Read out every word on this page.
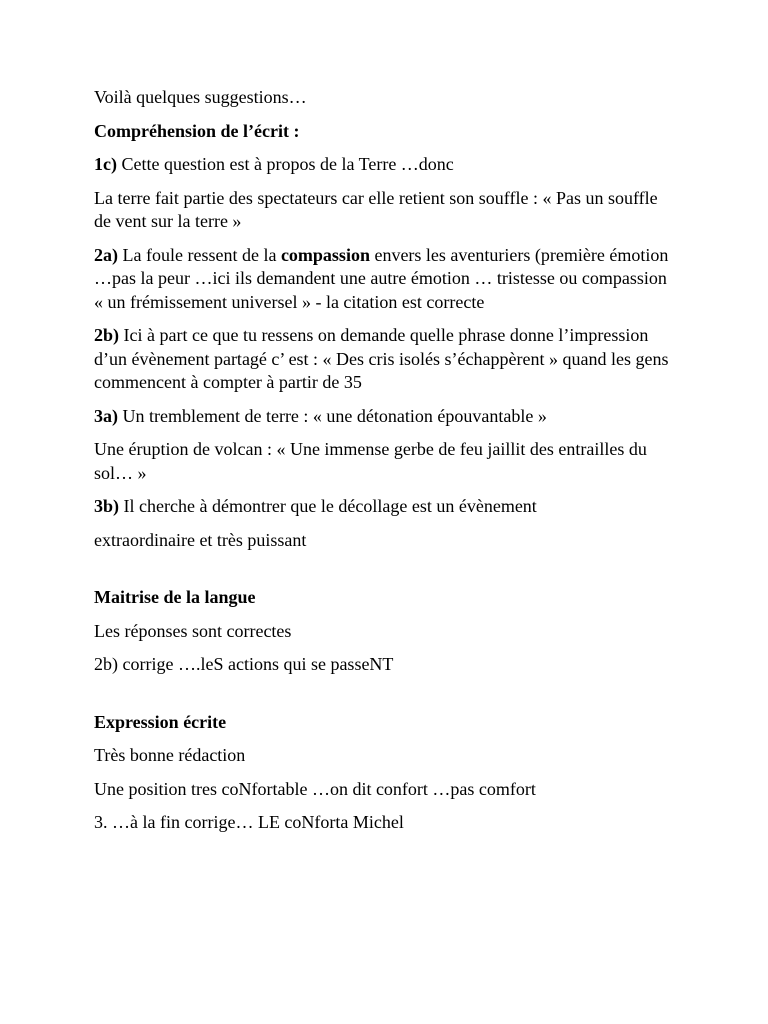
Voilà quelques suggestions…

Compréhension de l’écrit :

1c) Cette question est à propos de la Terre …donc

La terre fait partie des spectateurs car elle retient son souffle : « Pas un souffle de vent sur la terre »

2a) La foule ressent de la compassion envers les aventuriers (première émotion …pas la peur …ici ils demandent une autre émotion … tristesse ou compassion « un frémissement universel » - la citation est correcte

2b) Ici à part ce que tu ressens on demande quelle phrase donne l’impression d’un évènement partagé c’ est : « Des cris isolés s’échappèrent » quand les gens commencent à compter à partir de 35

3a) Un tremblement de terre : « une détonation épouvantable »

Une éruption de volcan : « Une immense gerbe de feu jaillit des entrailles du sol… »

3b) Il cherche à démontrer que le décollage est un évènement

extraordinaire et très puissant

Maitrise de la langue

Les réponses sont correctes

2b) corrige ….leS actions qui se passeNT

Expression écrite

Très bonne rédaction

Une position tres coNfortable …on dit confort …pas comfort

3. …à la fin corrige… LE coNforta Michel
